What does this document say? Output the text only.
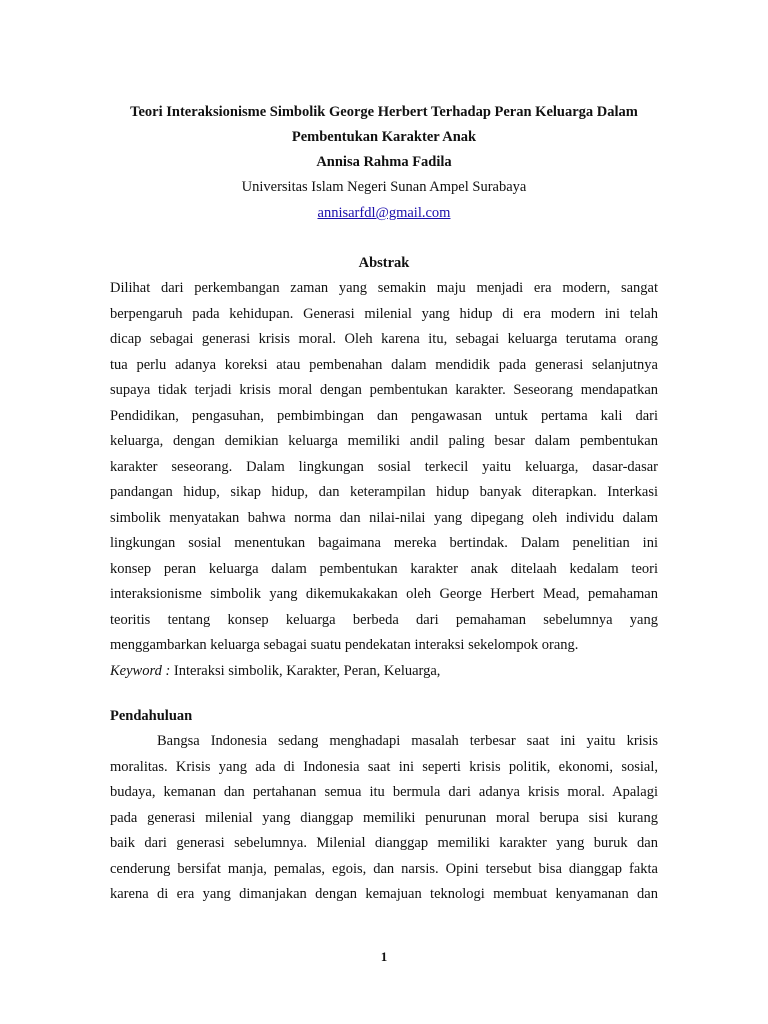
Teori Interaksionisme Simbolik George Herbert Terhadap Peran Keluarga Dalam
Pembentukan Karakter Anak
Annisa Rahma Fadila
Universitas Islam Negeri Sunan Ampel Surabaya
annisarfdl@gmail.com
Abstrak
Dilihat dari perkembangan zaman yang semakin maju menjadi era modern, sangat
berpengaruh pada kehidupan. Generasi milenial yang hidup di era modern ini telah
dicap sebagai generasi krisis moral. Oleh karena itu, sebagai keluarga terutama orang
tua perlu adanya koreksi atau pembenahan dalam mendidik pada generasi selanjutnya
supaya tidak terjadi krisis moral dengan pembentukan karakter. Seseorang mendapatkan
Pendidikan, pengasuhan, pembimbingan dan pengawasan untuk pertama kali dari
keluarga, dengan demikian keluarga memiliki andil paling besar dalam pembentukan
karakter seseorang. Dalam lingkungan sosial terkecil yaitu keluarga, dasar-dasar
pandangan hidup, sikap hidup, dan keterampilan hidup banyak diterapkan. Interkasi
simbolik menyatakan bahwa norma dan nilai-nilai yang dipegang oleh individu dalam
lingkungan sosial menentukan bagaimana mereka bertindak. Dalam penelitian ini
konsep peran keluarga dalam pembentukan karakter anak ditelaah kedalam teori
interaksionisme simbolik yang dikemukakakan oleh George Herbert Mead, pemahaman
teoritis tentang konsep keluarga berbeda dari pemahaman sebelumnya yang
menggambarkan keluarga sebagai suatu pendekatan interaksi sekelompok orang.
Keyword : Interaksi simbolik, Karakter, Peran, Keluarga,
Pendahuluan
Bangsa Indonesia sedang menghadapi masalah terbesar saat ini yaitu krisis
moralitas. Krisis yang ada di Indonesia saat ini seperti krisis politik, ekonomi, sosial,
budaya, kemanan dan pertahanan semua itu bermula dari adanya krisis moral. Apalagi
pada generasi milenial yang dianggap memiliki penurunan moral berupa sisi kurang
baik dari generasi sebelumnya. Milenial dianggap memiliki karakter yang buruk dan
cenderung bersifat manja, pemalas, egois, dan narsis. Opini tersebut bisa dianggap fakta
karena di era yang dimanjakan dengan kemajuan teknologi membuat kenyamanan dan
1
